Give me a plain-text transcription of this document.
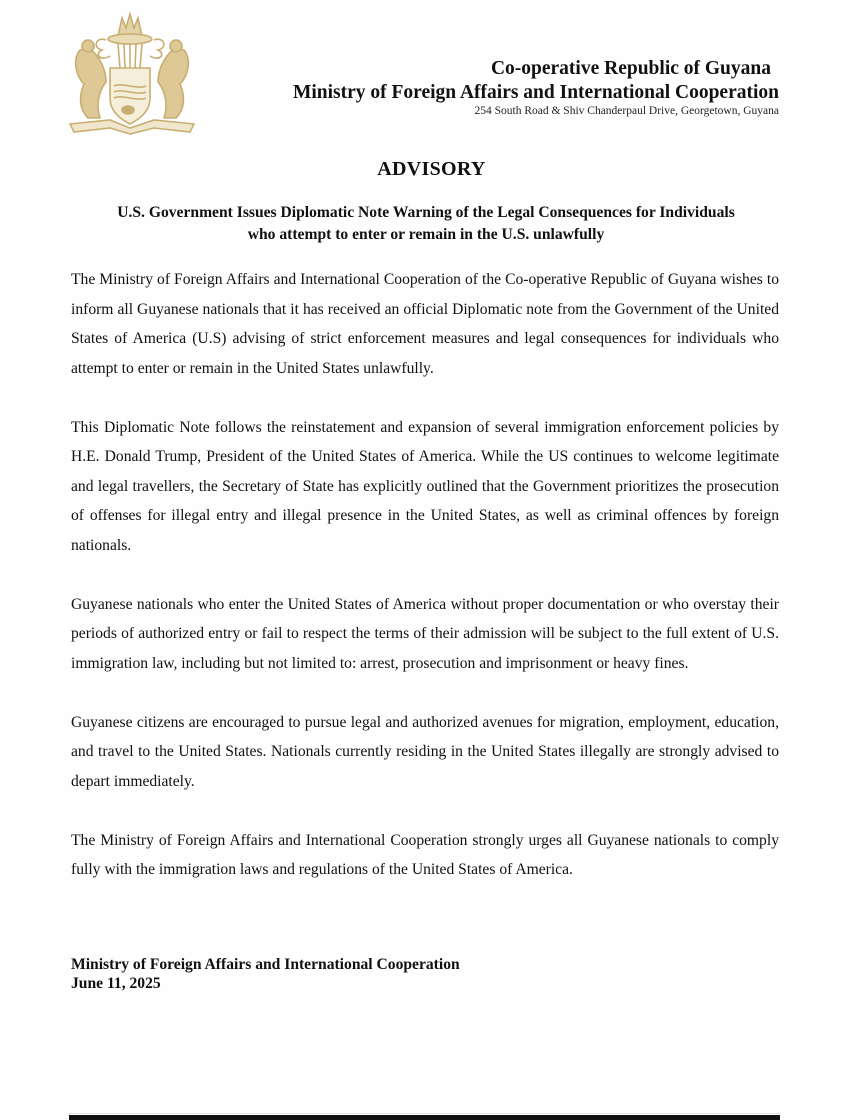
Co-operative Republic of Guyana
Ministry of Foreign Affairs and International Cooperation
254 South Road & Shiv Chanderpaul Drive, Georgetown, Guyana
ADVISORY
U.S. Government Issues Diplomatic Note Warning of the Legal Consequences for Individuals
who attempt to enter or remain in the U.S. unlawfully

The Ministry of Foreign Affairs and International Cooperation of the Co-operative Republic of Guyana wishes to inform all Guyanese nationals that it has received an official Diplomatic note from the Government of the United States of America (U.S) advising of strict enforcement measures and legal consequences for individuals who attempt to enter or remain in the United States unlawfully.

This Diplomatic Note follows the reinstatement and expansion of several immigration enforcement policies by H.E. Donald Trump, President of the United States of America. While the US continues to welcome legitimate and legal travellers, the Secretary of State has explicitly outlined that the Government prioritizes the prosecution of offenses for illegal entry and illegal presence in the United States, as well as criminal offences by foreign nationals.

Guyanese nationals who enter the United States of America without proper documentation or who overstay their periods of authorized entry or fail to respect the terms of their admission will be subject to the full extent of U.S. immigration law, including but not limited to: arrest, prosecution and imprisonment or heavy fines.

Guyanese citizens are encouraged to pursue legal and authorized avenues for migration, employment, education, and travel to the United States. Nationals currently residing in the United States illegally are strongly advised to depart immediately.

The Ministry of Foreign Affairs and International Cooperation strongly urges all Guyanese nationals to comply fully with the immigration laws and regulations of the United States of America.

Ministry of Foreign Affairs and International Cooperation
June 11, 2025
